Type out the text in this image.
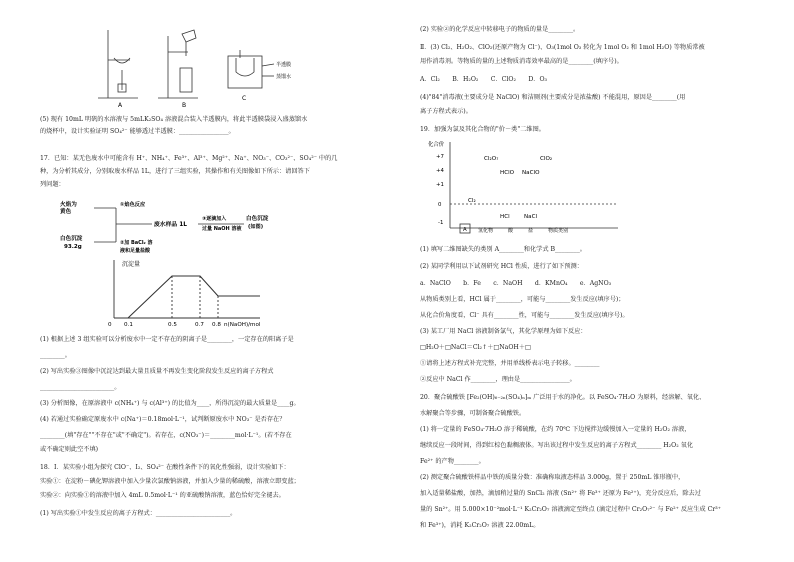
A	B
C
半透膜
蒸馏水
(5) 现有 10mL 明矾的水溶液与 5mLK₂SO₄ 溶液混合装入半透膜内，将此半透膜袋浸入盛蒸馏水
的烧杯中，设计实验证明 SO₄²⁻ 能够透过半透膜：________________。
17．已知：某无色废水中可能含有 H⁺、NH₄⁺、Fe³⁺、Al³⁺、Mg²⁺、Na⁺、NO₃⁻、CO₃²⁻、SO₄²⁻ 中的几
种，为分析其成分，分别取废水样品 1L，进行了三组实验，其操作和有关图像如下所示：请回答下
列问题：
火焰为
黄色
①焰色反应
废水样品 1L
③逐滴加入
过量 NaOH 溶液
白色沉淀
(如图)
白色沉淀
93.2g
②加 BaCl₂ 溶
液和足量盐酸
沉淀量
0 0.1	0.5	0.7 0.8 n(NaOH)/mol
(1) 根据上述 3 组实验可以分析废水中一定不存在的阴离子是________，一定存在的阳离子是
________。
(2) 写出实验③图像中沉淀达到最大量且质量不再发生变化阶段发生反应的离子方程式
________________________。
(3) 分析图像，在原溶液中 c(NH₄⁺) 与 c(Al³⁺) 的比值为____，所得沉淀的最大质量是____g。
(4) 若通过实验确定原废水中 c(Na⁺)＝0.18mol·L⁻¹，试判断原废水中 NO₃⁻ 是否存在？
________(填"存在""不存在"或"不确定")。若存在，c(NO₃⁻)＝________mol·L⁻¹。(若不存在
或不确定则此空不填)
18．Ⅰ．某实验小组为探究 ClO⁻、I₂、SO₄²⁻ 在酸性条件下的氧化性强弱，设计实验如下：
实验①：在淀粉－碘化钾溶液中加入少量次氯酸钠溶液，并加入少量的稀硫酸，溶液立即变蓝；
实验②：向实验①的溶液中加入 4mL 0.5mol·L⁻¹ 的亚硫酸钠溶液，蓝色恰好完全褪去。
(1) 写出实验①中发生反应的离子方程式：________________________。
(2) 实验②的化学反应中转移电子的物质的量是________。
Ⅱ．(3) Cl₂、H₂O₂、ClO₂(还原产物为 Cl⁻)、O₃(1mol O₃ 转化为 1mol O₂ 和 1mol H₂O) 等物质常被
用作消毒剂。等物质的量的上述物质消毒效率最高的是________(填序号)。
A．Cl₂　　B．H₂O₂　　C．ClO₂　　D．O₃
(4)"84"消毒液(主要成分是 NaClO) 和洁厕剂(主要成分是浓盐酸) 不能混用，原因是________(用
离子方程式表示)。
19．加强为氯及其化合物的"价－类"二维图。
化合价
+7
+4
+1
0
-1
A 氢化物	酸	盐	物质类别
Cl₂O₇	ClO₂
HClO NaClO
Cl₂
HCl	NaCl
(1) 填写二维图缺失的类别 A________和化学式 B________。
(2) 某同学利用以下试剂研究 HCl 性质，进行了如下预测：
a．NaClO　　b．Fe　　c．NaOH　　d．KMnO₄　　e．AgNO₃
从物质类别上看，HCl 属于________，可能与________发生反应(填序号)；
从化合价角度看，Cl⁻ 具有________性，可能与________发生反应(填序号)。
(3) 某工厂用 NaCl 溶液制备氯气，其化学原理为如下反应：
□H₂O＋□NaCl＝Cl₂↑＋□NaOH＋□
①请将上述方程式补充完整，并用单线桥表示电子转移。________
②反应中 NaCl 作________，理由是________________。
20．聚合硫酸铁 [Fe₂(OH)₆₋₂ₙ(SO₄)ₙ]ₘ 广泛用于水的净化。以 FeSO₄·7H₂O 为原料，经溶解、氧化、
水解聚合等步骤，可制备聚合硫酸铁。
(1) 将一定量的 FeSO₄·7H₂O 溶于稀硫酸，在约 70℃ 下边搅拌边缓慢加入一定量的 H₂O₂ 溶液，
继续反应一段时间，得到红棕色黏稠液体。写出该过程中发生反应的离子方程式________ H₂O₂ 氧化
Fe²⁺ 的产物________。
(2) 测定聚合硫酸铁样品中铁的质量分数：准确称取液态样品 3.000g，置于 250mL 锥形瓶中，
加入适量稀盐酸，加热，滴加稍过量的 SnCl₂ 溶液 (Sn²⁺ 将 Fe³⁺ 还原为 Fe²⁺)，充分反应后，除去过
量的 Sn²⁺。用 5.000×10⁻²mol·L⁻¹ K₂Cr₂O₇ 溶液滴定至终点 (滴定过程中 Cr₂O₇²⁻ 与 Fe²⁺ 反应生成 Cr³⁺
和 Fe³⁺)，消耗 K₂Cr₂O₇ 溶液 22.00mL。
